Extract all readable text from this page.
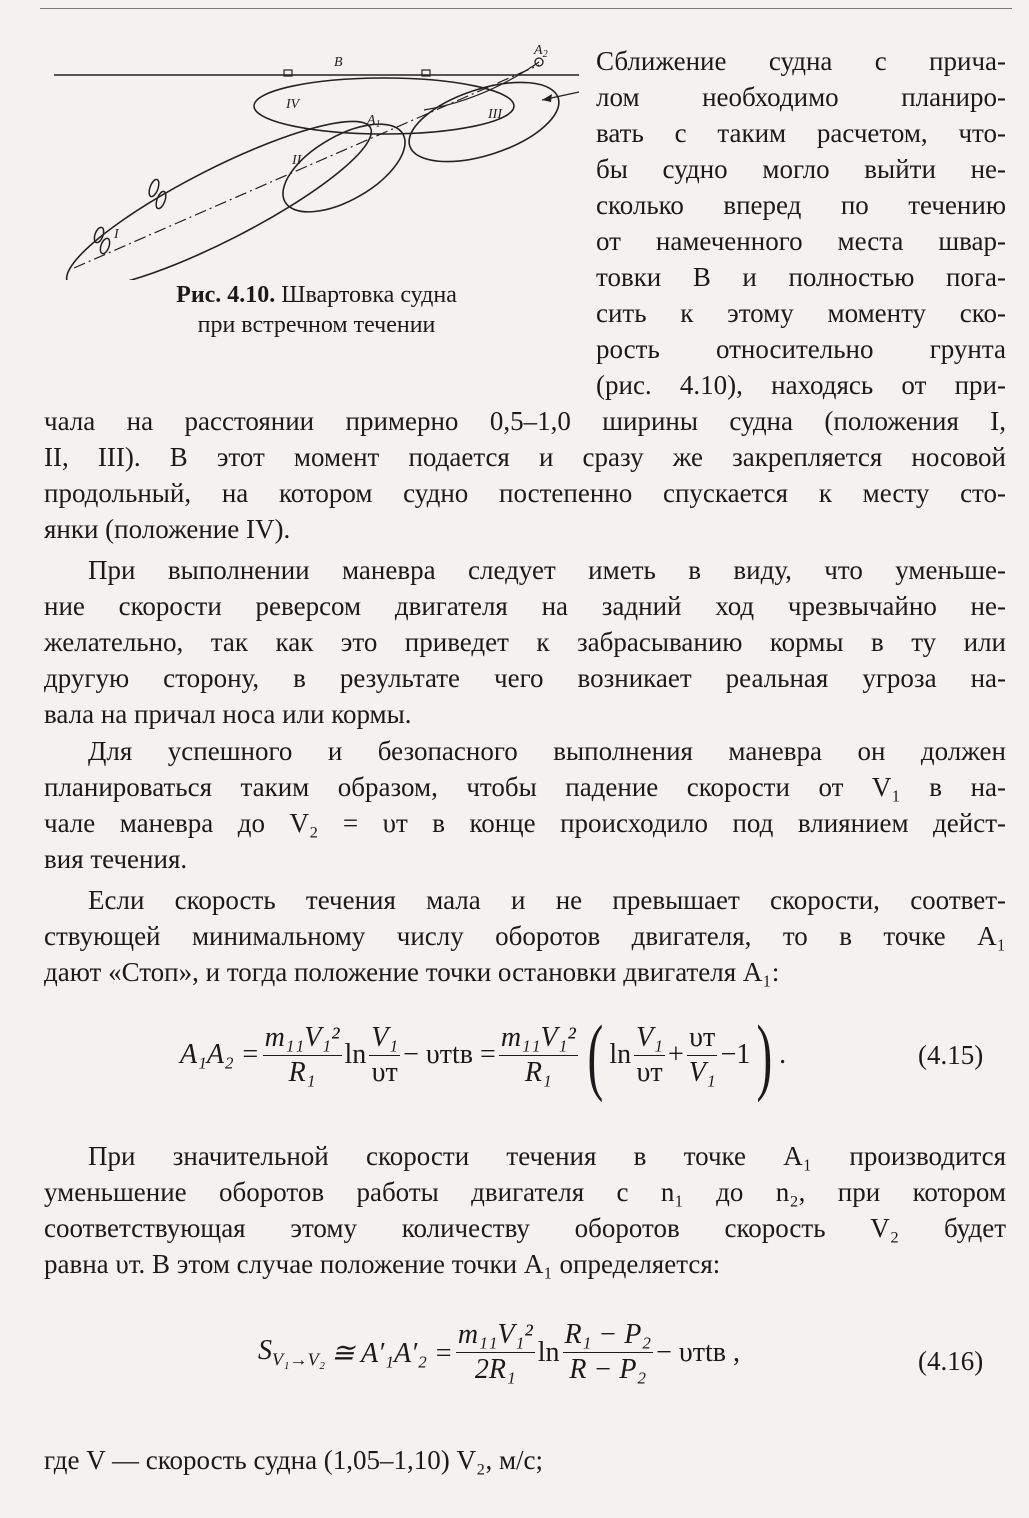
B
$A_2$
$A_1$
IV
III
II
I
Рис. 4.10. Швартовка судна
при встречном течении
Сближение судна с прича-
лом необходимо планиро-
вать с таким расчетом, что-
бы судно могло выйти не-
сколько вперед по течению
от намеченного места швар-
товки B и полностью пога-
сить к этому моменту ско-
рость относительно грунта
(рис. 4.10), находясь от при-
чала на расстоянии примерно 0,5–1,0 ширины судна (положения I,
II, III). В этот момент подается и сразу же закрепляется носовой
продольный, на котором судно постепенно спускается к месту сто-
янки (положение IV).
При выполнении маневра следует иметь в виду, что уменьше-
ние скорости реверсом двигателя на задний ход чрезвычайно не-
желательно, так как это приведет к забрасыванию кормы в ту или
другую сторону, в результате чего возникает реальная угроза на-
вала на причал носа или кормы.
Для успешного и безопасного выполнения маневра он должен
планироваться таким образом, чтобы падение скорости от V₁ в на-
чале маневра до V₂ = υт в конце происходило под влиянием дейст-
вия течения.
Если скорость течения мала и не превышает скорости, соответ-
ствующей минимальному числу оборотов двигателя, то в точке A₁
дают «Стоп», и тогда положение точки остановки двигателя A₁:
$A_1A_2 = \frac{\text{m₁₁V₁²}}{\text{R₁}}$ $\ln \frac{\text{V₁}}{\upsilon т} - \upsilon тtв = \frac{\text{m₁₁V₁²}}{\text{R₁}}$ ( $\ln \frac{\text{V₁}}{\upsilon т} + \frac{\upsilon т}{\text{V₁}} -1$ ) .	(4.15)
При значительной скорости течения в точке A₁ производится
уменьшение оборотов работы двигателя с n₁ до n₂, при котором
соответствующая этому количеству оборотов скорость V₂ будет
равна υт. В этом случае положение точки A₁ определяется:
$S_{V_1\to V_2}$ ≅ $A'_1A'_2 = \frac{\text{m₁₁V₁²}}{\text{2R₁}}$ $\ln \frac{\text{R₁ − P₂}}{\text{R − P₂}} - \upsilon тtв$ ,	(4.16)
где V — скорость судна (1,05–1,10) V₂, м/с;
